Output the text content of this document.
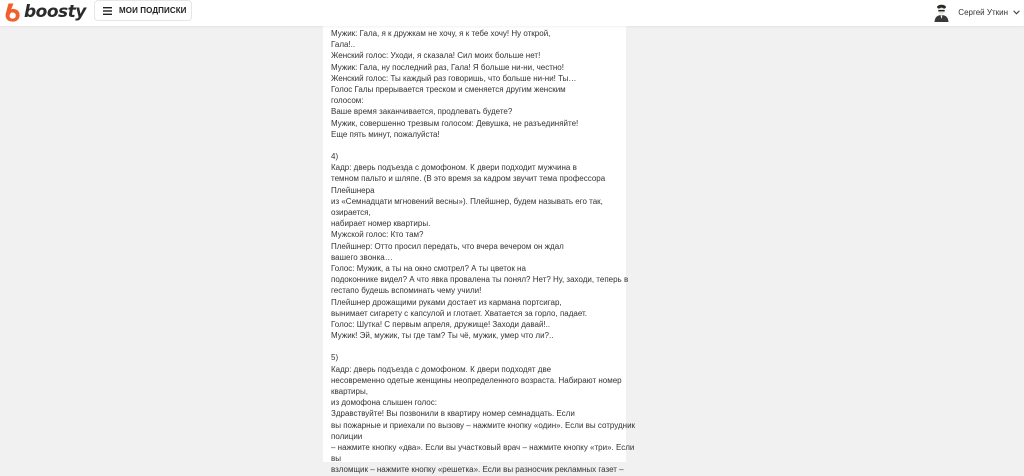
boosty	МОИ ПОДПИСКИ	Сергей Уткин
Мужик: Гала, я к дружкам не хочу, я к тебе хочу! Ну открой,
Гала!..
Женский голос: Уходи, я сказала! Сил моих больше нет!
Мужик: Гала, ну последний раз, Гала! Я больше ни-ни, честно!
Женский голос: Ты каждый раз говоришь, что больше ни-ни! Ты…
Голос Галы прерывается треском и сменяется другим женским
голосом:
Ваше время заканчивается, продлевать будете?
Мужик, совершенно трезвым голосом: Девушка, не разъединяйте!
Еще пять минут, пожалуйста!
4)
Кадр: дверь подъезда с домофоном. К двери подходит мужчина в
темном пальто и шляпе. (В это время за кадром звучит тема профессора
Плейшнера
из «Семнадцати мгновений весны»). Плейшнер, будем называть его так,
озирается,
набирает номер квартиры.
Мужской голос: Кто там?
Плейшнер: Отто просил передать, что вчера вечером он ждал
вашего звонка…
Голос: Мужик, а ты на окно смотрел? А ты цветок на
подоконнике видел? А что явка провалена ты понял? Нет? Ну, заходи, теперь в
гестапо будешь вспоминать чему учили!
Плейшнер дрожащими руками достает из кармана портсигар,
вынимает сигарету с капсулой и глотает. Хватается за горло, падает.
Голос: Шутка! С первым апреля, дружище! Заходи давай!..
Мужик! Эй, мужик, ты где там? Ты чё, мужик, умер что ли?..
5)
Кадр: дверь подъезда с домофоном. К двери подходят две
несовременно одетые женщины неопределенного возраста. Набирают номер
квартиры,
из домофона слышен голос:
Здравствуйте! Вы позвонили в квартиру номер семнадцать. Если
вы пожарные и приехали по вызову – нажмите кнопку «один». Если вы сотрудник
полиции
– нажмите кнопку «два». Если вы участковый врач – нажмите кнопку «три». Если
вы
взломщик – нажмите кнопку «решетка». Если вы разносчик рекламных газет –
